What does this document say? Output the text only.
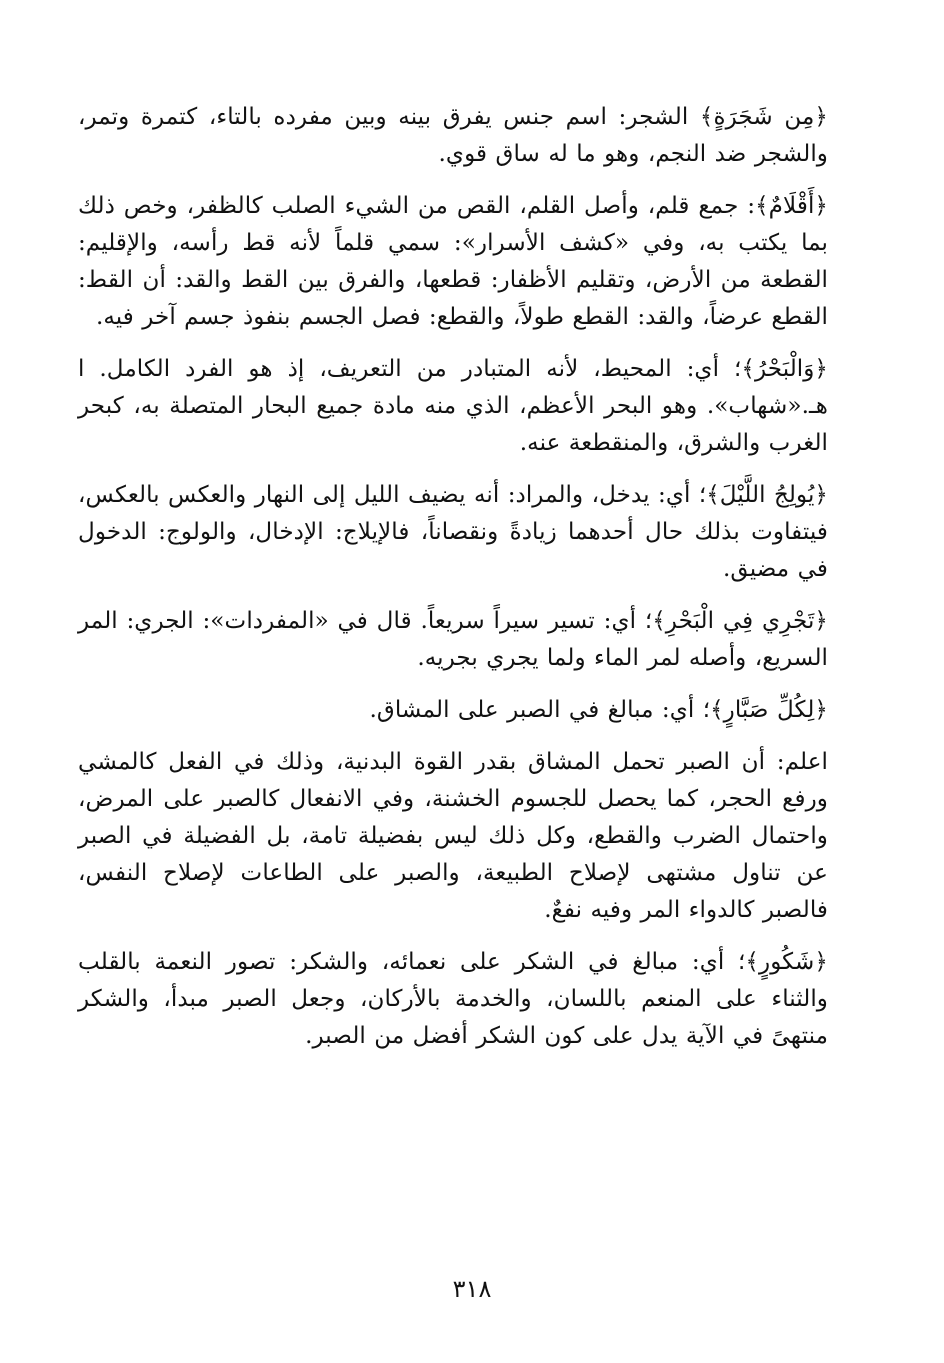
﴿مِن شَجَرَةٍ﴾ الشجر: اسم جنس يفرق بينه وبين مفرده بالتاء، كتمرة وتمر، والشجر ضد النجم، وهو ما له ساق قوي.

﴿أَقْلَامٌ﴾: جمع قلم، وأصل القلم، القص من الشيء الصلب كالظفر، وخص ذلك بما يكتب به، وفي «كشف الأسرار»: سمي قلماً لأنه قط رأسه، والإقليم: القطعة من الأرض، وتقليم الأظفار: قطعها، والفرق بين القط والقد: أن القط: القطع عرضاً، والقد: القطع طولاً، والقطع: فصل الجسم بنفوذ جسم آخر فيه.

﴿وَالْبَحْرُ﴾؛ أي: المحيط، لأنه المتبادر من التعريف، إذ هو الفرد الكامل. ا هـ.«شهاب». وهو البحر الأعظم، الذي منه مادة جميع البحار المتصلة به، كبحر الغرب والشرق، والمنقطعة عنه.

﴿يُولِجُ اللَّيْلَ﴾؛ أي: يدخل، والمراد: أنه يضيف الليل إلى النهار والعكس بالعكس، فيتفاوت بذلك حال أحدهما زيادةً ونقصاناً، فالإيلاج: الإدخال، والولوج: الدخول في مضيق.

﴿تَجْرِي فِي الْبَحْرِ﴾؛ أي: تسير سيراً سريعاً. قال في «المفردات»: الجري: المر السريع، وأصله لمر الماء ولما يجري بجريه.

﴿لِكُلِّ صَبَّارٍ﴾؛ أي: مبالغ في الصبر على المشاق.

اعلم: أن الصبر تحمل المشاق بقدر القوة البدنية، وذلك في الفعل كالمشي ورفع الحجر، كما يحصل للجسوم الخشنة، وفي الانفعال كالصبر على المرض، واحتمال الضرب والقطع، وكل ذلك ليس بفضيلة تامة، بل الفضيلة في الصبر عن تناول مشتهى لإصلاح الطبيعة، والصبر على الطاعات لإصلاح النفس، فالصبر كالدواء المر وفيه نفعٌ.

﴿شَكُورٍ﴾؛ أي: مبالغ في الشكر على نعمائه، والشكر: تصور النعمة بالقلب والثناء على المنعم باللسان، والخدمة بالأركان، وجعل الصبر مبدأ، والشكر منتهىً في الآية يدل على كون الشكر أفضل من الصبر.

٣١٨
